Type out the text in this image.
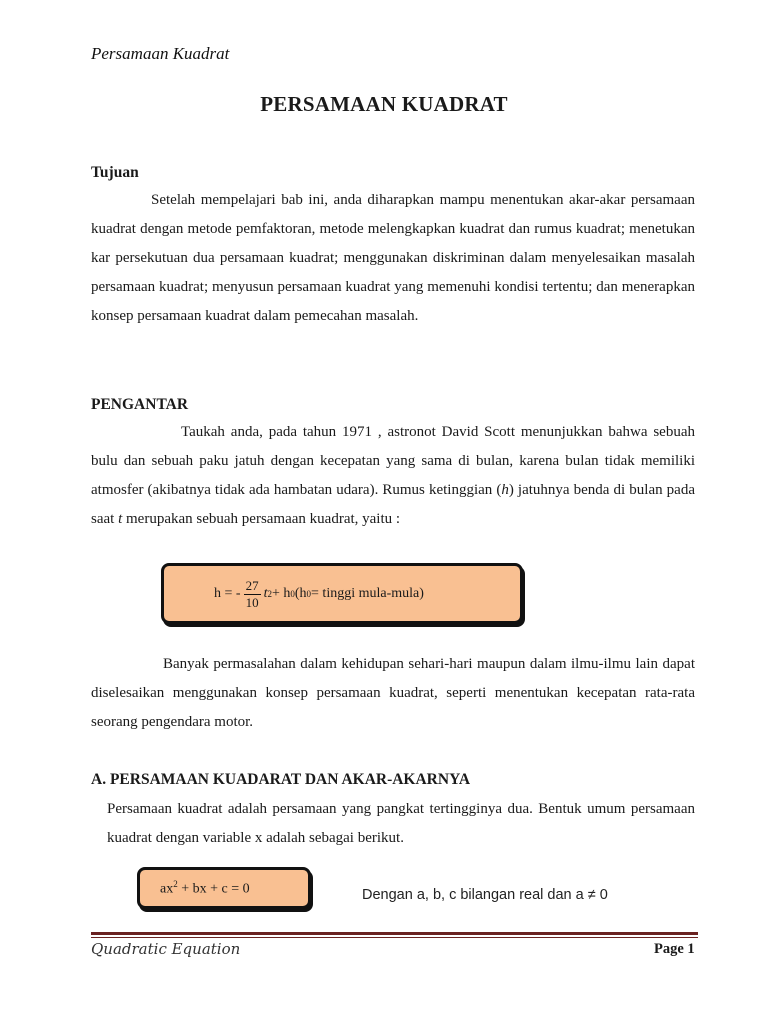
Persamaan Kuadrat
PERSAMAAN KUADRAT
Tujuan

Setelah mempelajari bab ini, anda diharapkan mampu menentukan akar-akar persamaan kuadrat dengan metode pemfaktoran, metode melengkapkan kuadrat dan rumus kuadrat; menetukan kar persekutuan dua persamaan kuadrat; menggunakan diskriminan dalam menyelesaikan masalah persamaan kuadrat; menyusun persamaan kuadrat yang memenuhi kondisi tertentu; dan menerapkan konsep persamaan kuadrat dalam pemecahan masalah.

PENGANTAR

Taukah anda, pada tahun 1971 , astronot David Scott menunjukkan bahwa sebuah bulu dan sebuah paku jatuh dengan kecepatan yang sama di bulan, karena bulan tidak memiliki atmosfer (akibatnya tidak ada hambatan udara). Rumus ketinggian (h) jatuhnya benda di bulan pada saat t merupakan sebuah persamaan kuadrat, yaitu :

h = - $\frac{27}{10}$ t 2 + h 0 (h 0 = tinggi mula-mula)

Banyak permasalahan dalam kehidupan sehari-hari maupun dalam ilmu-ilmu lain dapat diselesaikan menggunakan konsep persamaan kuadrat, seperti menentukan kecepatan rata-rata seorang pengendara motor.

A. PERSAMAAN KUADARAT DAN AKAR-AKARNYA

Persamaan kuadrat adalah persamaan yang pangkat tertingginya dua. Bentuk umum persamaan kuadrat dengan variable x adalah sebagai berikut.

$ax^2$ + bx + c = 0	Dengan a, b, c bilangan real dan a ≠ 0
Quadratic Equation	Page 1
